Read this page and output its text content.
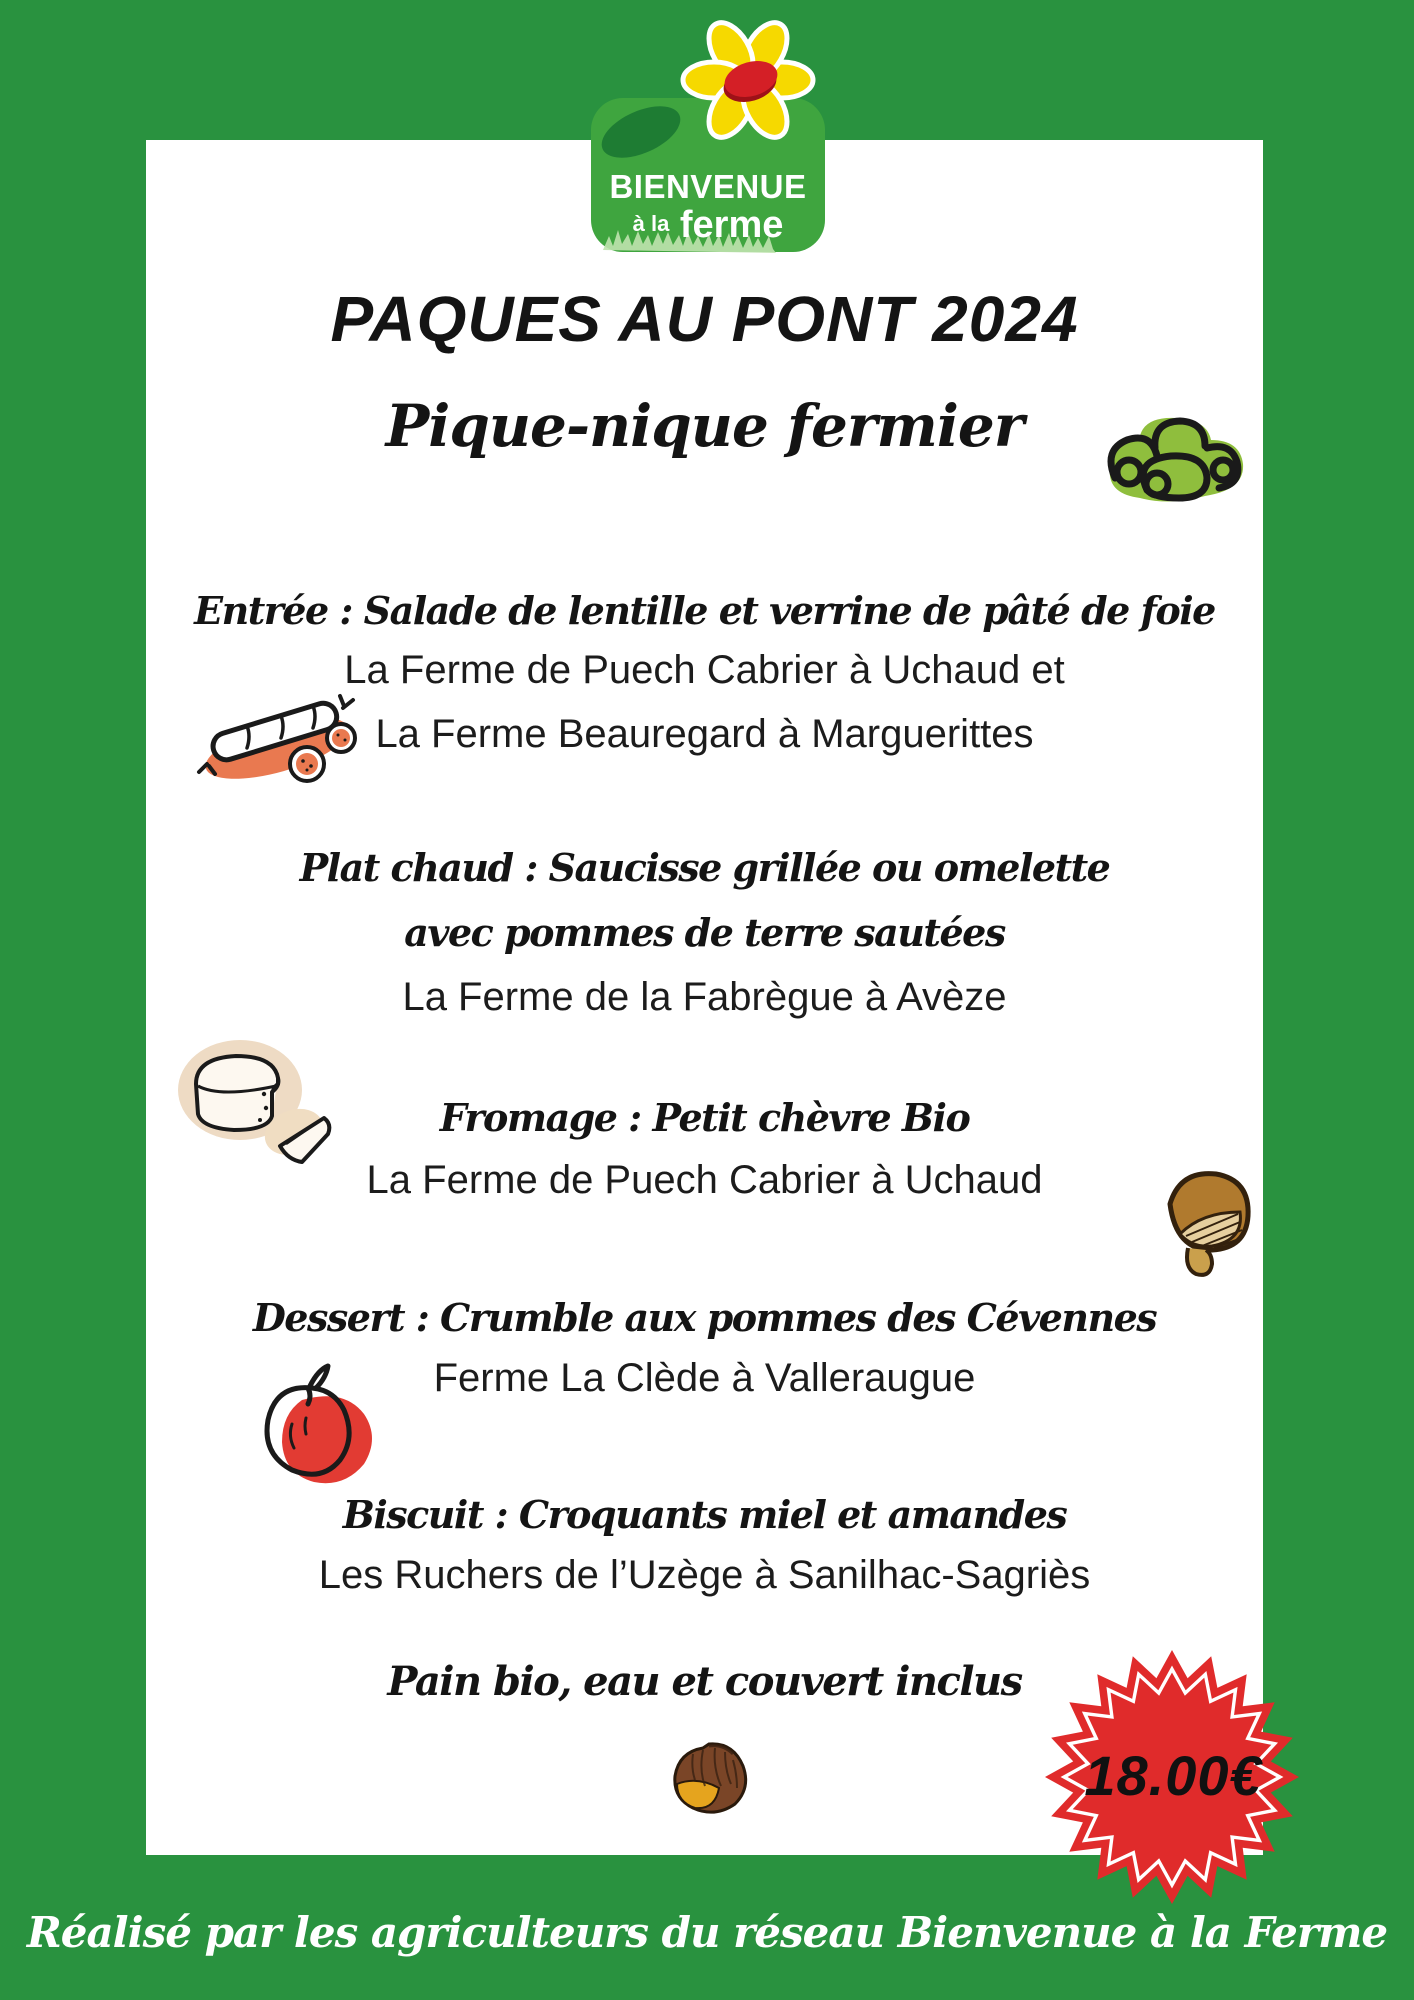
BIENVENUE
à la ferme
PAQUES AU PONT 2024
Pique-nique fermier
Entrée : Salade de lentille et verrine de pâté de foie
La Ferme de Puech Cabrier à Uchaud et
La Ferme Beauregard à Marguerittes
Plat chaud : Saucisse grillée ou omelette
avec pommes de terre sautées
La Ferme de la Fabrègue à Avèze
Fromage : Petit chèvre Bio
La Ferme de Puech Cabrier à Uchaud
Dessert : Crumble aux pommes des Cévennes
Ferme La Clède à Valleraugue
Biscuit : Croquants miel et amandes
Les Ruchers de l’Uzège à Sanilhac-Sagriès
Pain bio, eau et couvert inclus
18.00€
Réalisé par les agriculteurs du réseau Bienvenue à la Ferme
